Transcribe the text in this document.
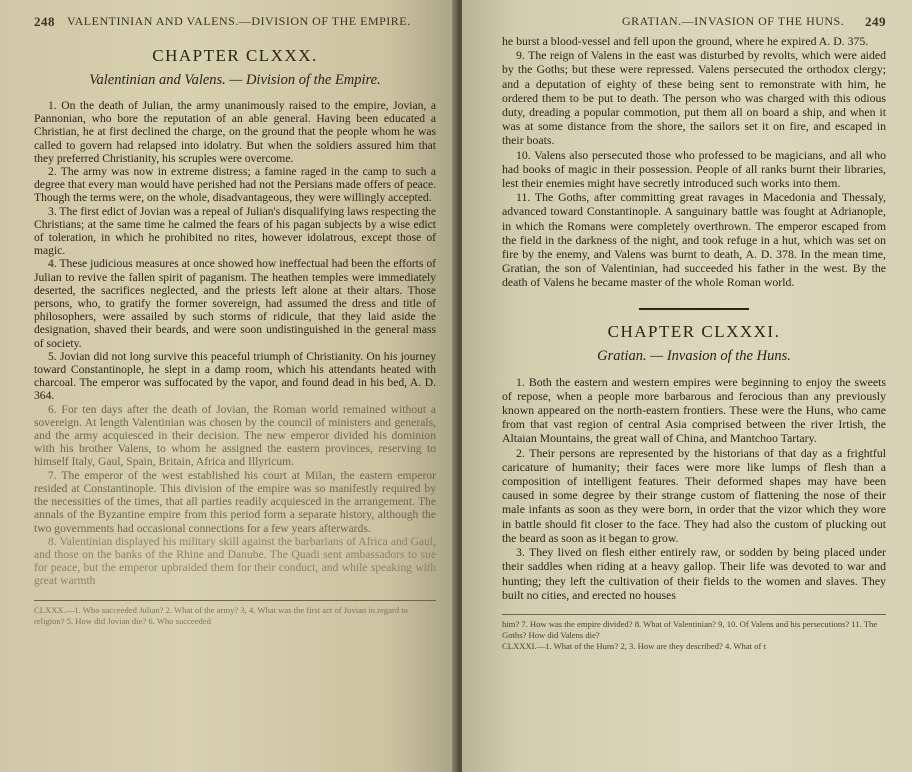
248 VALENTINIAN AND VALENS.—DIVISION OF THE EMPIRE.
CHAPTER CLXXX.
Valentinian and Valens. — Division of the Empire.

1. On the death of Julian, the army unanimously raised to the empire, Jovian, a Pannonian, who bore the reputation of an able general. Having been educated a Christian, he at first declined the charge, on the ground that the people whom he was called to govern had relapsed into idolatry. But when the soldiers assured him that they preferred Christianity, his scruples were overcome.

2. The army was now in extreme distress; a famine raged in the camp to such a degree that every man would have perished had not the Persians made offers of peace. Though the terms were, on the whole, disadvantageous, they were willingly accepted.

3. The first edict of Jovian was a repeal of Julian's disqualifying laws respecting the Christians; at the same time he calmed the fears of his pagan subjects by a wise edict of toleration, in which he prohibited no rites, however idolatrous, except those of magic.

4. These judicious measures at once showed how ineffectual had been the efforts of Julian to revive the fallen spirit of paganism. The heathen temples were immediately deserted, the sacrifices neglected, and the priests left alone at their altars. Those persons, who, to gratify the former sovereign, had assumed the dress and title of philosophers, were assailed by such storms of ridicule, that they laid aside the designation, shaved their beards, and were soon undistinguished in the general mass of society.

5. Jovian did not long survive this peaceful triumph of Christianity. On his journey toward Constantinople, he slept in a damp room, which his attendants heated with charcoal. The emperor was suffocated by the vapor, and found dead in his bed, A. D. 364.

6. For ten days after the death of Jovian, the Roman world remained without a sovereign. At length Valentinian was chosen by the council of ministers and generals, and the army acquiesced in their decision. The new emperor divided his dominion with his brother Valens, to whom he assigned the eastern provinces, reserving to himself Italy, Gaul, Spain, Britain, Africa and Illyricum.

7. The emperor of the west established his court at Milan, the eastern emperor resided at Constantinople. This division of the empire was so manifestly required by the necessities of the times, that all parties readily acquiesced in the arrangement. The annals of the Byzantine empire from this period form a separate history, although the two governments had occasional connections for a few years afterwards.

8. Valentinian displayed his military skill against the barbarians of Africa and Gaul, and those on the banks of the Rhine and Danube. The Quadi sent ambassadors to sue for peace, but the emperor upbraided them for their conduct, and while speaking with great warmth

CLXXX.—1. Who succeeded Julian? 2. What of the army? 3, 4. What was the first act of Jovian in regard to religion? 5. How did Jovian die? 6. Who succeeded
GRATIAN.—INVASION OF THE HUNS. 249

he burst a blood-vessel and fell upon the ground, where he expired A. D. 375.

9. The reign of Valens in the east was disturbed by revolts, which were aided by the Goths; but these were repressed. Valens persecuted the orthodox clergy; and a deputation of eighty of these being sent to remonstrate with him, he ordered them to be put to death. The person who was charged with this odious duty, dreading a popular commotion, put them all on board a ship, and when it was at some distance from the shore, the sailors set it on fire, and escaped in their boats.

10. Valens also persecuted those who professed to be magicians, and all who had books of magic in their possession. People of all ranks burnt their libraries, lest their enemies might have secretly introduced such works into them.

11. The Goths, after committing great ravages in Macedonia and Thessaly, advanced toward Constantinople. A sanguinary battle was fought at Adrianople, in which the Romans were completely overthrown. The emperor escaped from the field in the darkness of the night, and took refuge in a hut, which was set on fire by the enemy, and Valens was burnt to death, A. D. 378. In the mean time, Gratian, the son of Valentinian, had succeeded his father in the west. By the death of Valens he became master of the whole Roman world.

CHAPTER CLXXXI.
Gratian. — Invasion of the Huns.

1. Both the eastern and western empires were beginning to enjoy the sweets of repose, when a people more barbarous and ferocious than any previously known appeared on the north-eastern frontiers. These were the Huns, who came from that vast region of central Asia comprised between the river Irtish, the Altaian Mountains, the great wall of China, and Mantchoo Tartary.

2. Their persons are represented by the historians of that day as a frightful caricature of humanity; their faces were more like lumps of flesh than a composition of intelligent features. Their deformed shapes may have been caused in some degree by their strange custom of flattening the nose of their male infants as soon as they were born, in order that the vizor which they wore in battle should fit closer to the face. They had also the custom of plucking out the beard as soon as it began to grow.

3. They lived on flesh either entirely raw, or sodden by being placed under their saddles when riding at a heavy gallop. Their life was devoted to war and hunting; they left the cultivation of their fields to the women and slaves. They built no cities, and erected no houses

him? 7. How was the empire divided? 8. What of Valentinian? 9, 10. Of Valens and his persecutions? 11. The Goths? How did Valens die?
CLXXXI.—1. What of the Huns? 2, 3. How are they described? 4. What of t
